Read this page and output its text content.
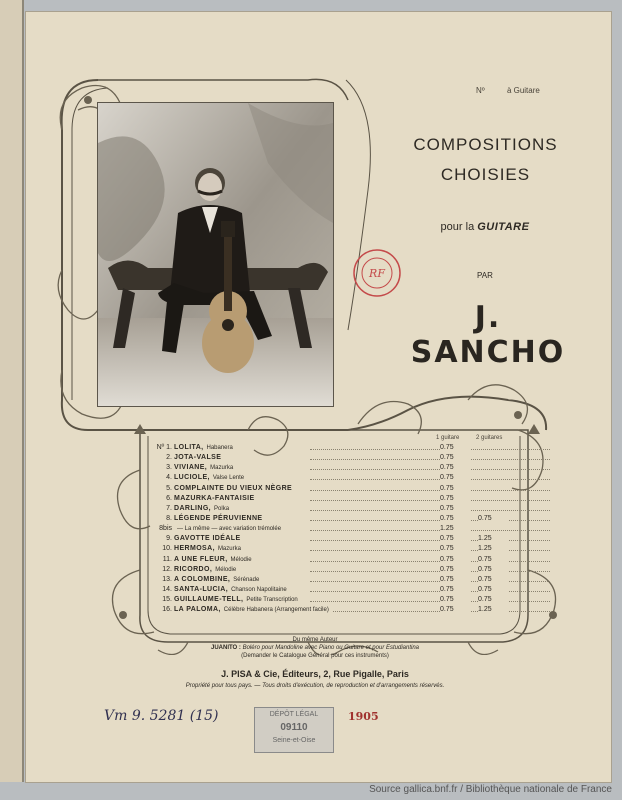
Nº	à Guitare
COMPOSITIONS
CHOISIES
pour la GUITARE
PAR
J. SANCHO
RF
1 guitare	2 guitares
Nº 1. LOLITA, Habanera	0.75
2. JOTA-VALSE	0.75
3. VIVIANE, Mazurka	0.75
4. LUCIOLE, Valse Lente	0.75
5. COMPLAINTE DU VIEUX NÈGRE	0.75
6. MAZURKA-FANTAISIE	0.75
7. DARLING, Polka	0.75
8. LÉGENDE PÉRUVIENNE	0.75	0.75
8bis — La même — avec variation trémolée	1.25
9. GAVOTTE IDÉALE	0.75	1.25
10. HERMOSA, Mazurka	0.75	1.25
11. A UNE FLEUR, Mélodie	0.75	0.75
12. RICORDO, Mélodie	0.75	0.75
13. A COLOMBINE, Sérénade	0.75	0.75
14. SANTA-LUCIA, Chanson Napolitaine	0.75	0.75
15. GUILLAUME-TELL, Petite Transcription	0.75	0.75
16. LA PALOMA, Célèbre Habanera (Arrangement facile)	0.75	1.25
Du même Auteur
JUANITO : Boléro pour Mandoline avec Piano ou Guitare et pour Estudiantina
(Demander le Catalogue Général pour ces instruments)
J. PISA & Cie, Éditeurs, 2, Rue Pigalle, Paris
Propriété pour tous pays. — Tous droits d'exécution, de reproduction et d'arrangements réservés.
Vm 9. 5281 (15)	DÉPÔT LÉGAL
09110
Seine-et-Oise
1905
Source gallica.bnf.fr / Bibliothèque nationale de France
